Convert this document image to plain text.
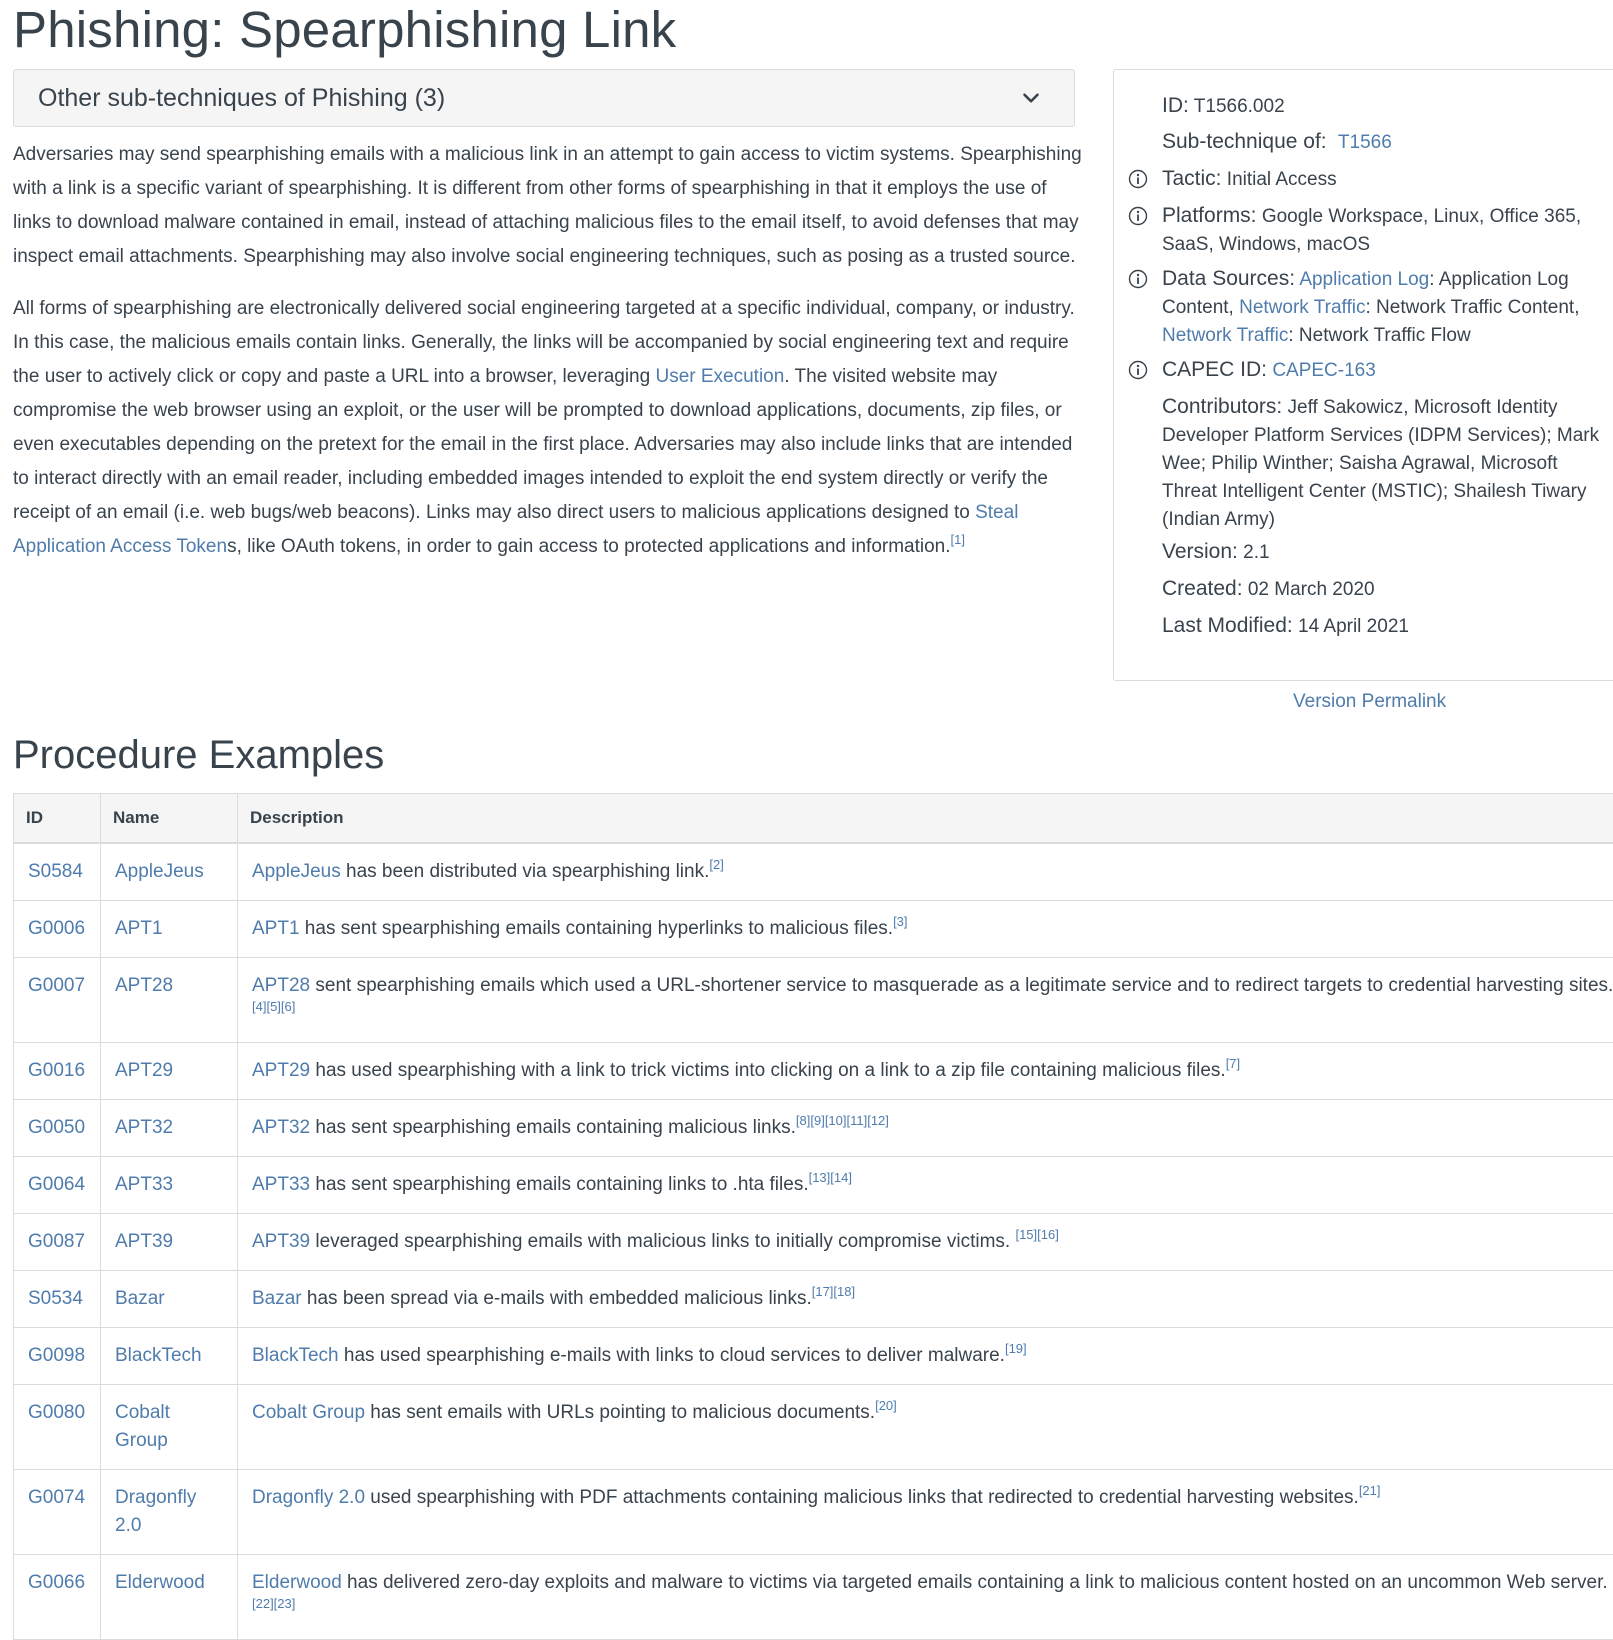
Phishing: Spearphishing Link
Other sub-techniques of Phishing (3)

Adversaries may send spearphishing emails with a malicious link in an attempt to gain access to victim systems. Spearphishing with a link is a specific variant of spearphishing. It is different from other forms of spearphishing in that it employs the use of links to download malware contained in email, instead of attaching malicious files to the email itself, to avoid defenses that may inspect email attachments. Spearphishing may also involve social engineering techniques, such as posing as a trusted source.

All forms of spearphishing are electronically delivered social engineering targeted at a specific individual, company, or industry. In this case, the malicious emails contain links. Generally, the links will be accompanied by social engineering text and require the user to actively click or copy and paste a URL into a browser, leveraging User Execution. The visited website may compromise the web browser using an exploit, or the user will be prompted to download applications, documents, zip files, or even executables depending on the pretext for the email in the first place. Adversaries may also include links that are intended to interact directly with an email reader, including embedded images intended to exploit the end system directly or verify the receipt of an email (i.e. web bugs/web beacons). Links may also direct users to malicious applications designed to Steal Application Access Tokens, like OAuth tokens, in order to gain access to protected applications and information.[1]

ID: T1566.002
Sub-technique of: T1566
Tactic: Initial Access
Platforms: Google Workspace, Linux, Office 365, SaaS, Windows, macOS
Data Sources: Application Log: Application Log Content, Network Traffic: Network Traffic Content, Network Traffic: Network Traffic Flow
CAPEC ID: CAPEC-163
Contributors: Jeff Sakowicz, Microsoft Identity Developer Platform Services (IDPM Services); Mark Wee; Philip Winther; Saisha Agrawal, Microsoft Threat Intelligent Center (MSTIC); Shailesh Tiwary (Indian Army)
Version: 2.1
Created: 02 March 2020
Last Modified: 14 April 2021
Version Permalink
Procedure Examples
ID	Name	Description
S0584	AppleJeus	AppleJeus has been distributed via spearphishing link.[2]
G0006	APT1	APT1 has sent spearphishing emails containing hyperlinks to malicious files.[3]
G0007	APT28	APT28 sent spearphishing emails which used a URL-shortener service to masquerade as a legitimate service and to redirect targets to credential harvesting sites.[4][5][6]
G0016	APT29	APT29 has used spearphishing with a link to trick victims into clicking on a link to a zip file containing malicious files.[7]
G0050	APT32	APT32 has sent spearphishing emails containing malicious links.[8][9][10][11][12]
G0064	APT33	APT33 has sent spearphishing emails containing links to .hta files.[13][14]
G0087	APT39	APT39 leveraged spearphishing emails with malicious links to initially compromise victims. [15][16]
S0534	Bazar	Bazar has been spread via e-mails with embedded malicious links.[17][18]
G0098	BlackTech	BlackTech has used spearphishing e-mails with links to cloud services to deliver malware.[19]
G0080	Cobalt Group	Cobalt Group has sent emails with URLs pointing to malicious documents.[20]
G0074	Dragonfly 2.0	Dragonfly 2.0 used spearphishing with PDF attachments containing malicious links that redirected to credential harvesting websites.[21]
G0066	Elderwood	Elderwood has delivered zero-day exploits and malware to victims via targeted emails containing a link to malicious content hosted on an uncommon Web server.[22][23]
